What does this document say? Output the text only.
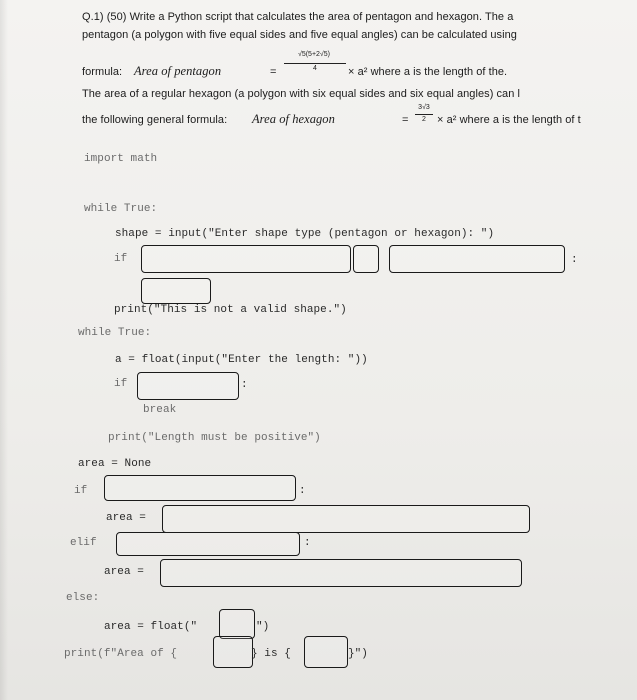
Q.1) (50) Write a Python script that calculates the area of pentagon and hexagon. The a
pentagon (a polygon with five equal sides and five equal angles) can be calculated using
formula: Area of pentagon	=
√5(5+2√5)
4	× a² where a is the length of the.
The area of a regular hexagon (a polygon with six equal sides and six equal angles) can l
the following general formula: Area of hexagon	=
3√3
2	× a² where a is the length of t
import math
while True:
shape = input("Enter shape type (pentagon or hexagon): ")
if	:
print("This is not a valid shape.")
while True:
a = float(input("Enter the length: "))
if	:
break
print("Length must be positive")
area = None
if	:
area =
elif	:
area =
else:
area = float("	")
print(f"Area of {	} is {	}")
